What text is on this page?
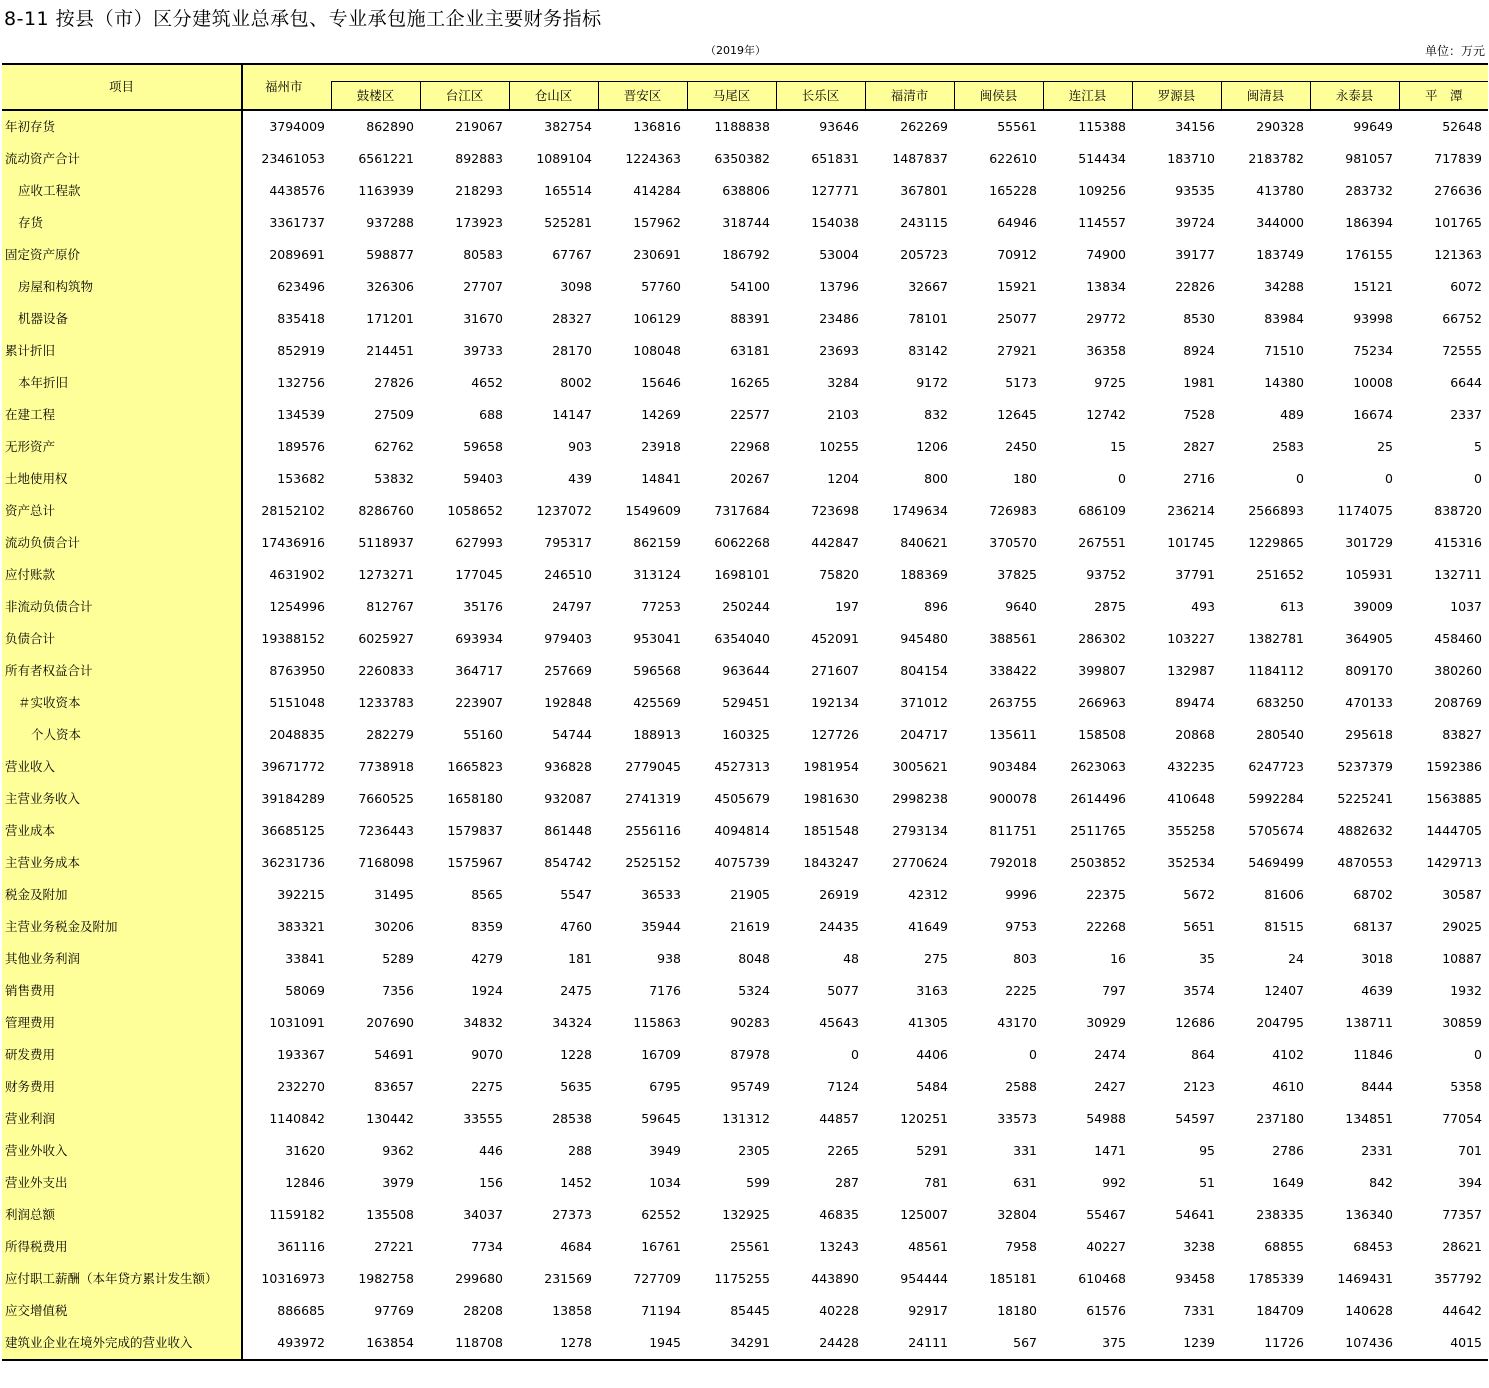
8-11 按县（市）区分建筑业总承包、专业承包施工企业主要财务指标
（2019年）	单位：万元
项目	福州市													
		鼓楼区	台江区	仓山区	晋安区	马尾区	长乐区	福清市	闽侯县	连江县	罗源县	闽清县	永泰县	平　潭
年初存货	3794009	862890	219067	382754	136816	1188838	93646	262269	55561	115388	34156	290328	99649	52648
流动资产合计	23461053	6561221	892883	1089104	1224363	6350382	651831	1487837	622610	514434	183710	2183782	981057	717839
应收工程款	4438576	1163939	218293	165514	414284	638806	127771	367801	165228	109256	93535	413780	283732	276636
存货	3361737	937288	173923	525281	157962	318744	154038	243115	64946	114557	39724	344000	186394	101765
固定资产原价	2089691	598877	80583	67767	230691	186792	53004	205723	70912	74900	39177	183749	176155	121363
房屋和构筑物	623496	326306	27707	3098	57760	54100	13796	32667	15921	13834	22826	34288	15121	6072
机器设备	835418	171201	31670	28327	106129	88391	23486	78101	25077	29772	8530	83984	93998	66752
累计折旧	852919	214451	39733	28170	108048	63181	23693	83142	27921	36358	8924	71510	75234	72555
本年折旧	132756	27826	4652	8002	15646	16265	3284	9172	5173	9725	1981	14380	10008	6644
在建工程	134539	27509	688	14147	14269	22577	2103	832	12645	12742	7528	489	16674	2337
无形资产	189576	62762	59658	903	23918	22968	10255	1206	2450	15	2827	2583	25	5
土地使用权	153682	53832	59403	439	14841	20267	1204	800	180	0	2716	0	0	0
资产总计	28152102	8286760	1058652	1237072	1549609	7317684	723698	1749634	726983	686109	236214	2566893	1174075	838720
流动负债合计	17436916	5118937	627993	795317	862159	6062268	442847	840621	370570	267551	101745	1229865	301729	415316
应付账款	4631902	1273271	177045	246510	313124	1698101	75820	188369	37825	93752	37791	251652	105931	132711
非流动负债合计	1254996	812767	35176	24797	77253	250244	197	896	9640	2875	493	613	39009	1037
负债合计	19388152	6025927	693934	979403	953041	6354040	452091	945480	388561	286302	103227	1382781	364905	458460
所有者权益合计	8763950	2260833	364717	257669	596568	963644	271607	804154	338422	399807	132987	1184112	809170	380260
＃实收资本	5151048	1233783	223907	192848	425569	529451	192134	371012	263755	266963	89474	683250	470133	208769
个人资本	2048835	282279	55160	54744	188913	160325	127726	204717	135611	158508	20868	280540	295618	83827
营业收入	39671772	7738918	1665823	936828	2779045	4527313	1981954	3005621	903484	2623063	432235	6247723	5237379	1592386
主营业务收入	39184289	7660525	1658180	932087	2741319	4505679	1981630	2998238	900078	2614496	410648	5992284	5225241	1563885
营业成本	36685125	7236443	1579837	861448	2556116	4094814	1851548	2793134	811751	2511765	355258	5705674	4882632	1444705
主营业务成本	36231736	7168098	1575967	854742	2525152	4075739	1843247	2770624	792018	2503852	352534	5469499	4870553	1429713
税金及附加	392215	31495	8565	5547	36533	21905	26919	42312	9996	22375	5672	81606	68702	30587
主营业务税金及附加	383321	30206	8359	4760	35944	21619	24435	41649	9753	22268	5651	81515	68137	29025
其他业务利润	33841	5289	4279	181	938	8048	48	275	803	16	35	24	3018	10887
销售费用	58069	7356	1924	2475	7176	5324	5077	3163	2225	797	3574	12407	4639	1932
管理费用	1031091	207690	34832	34324	115863	90283	45643	41305	43170	30929	12686	204795	138711	30859
研发费用	193367	54691	9070	1228	16709	87978	0	4406	0	2474	864	4102	11846	0
财务费用	232270	83657	2275	5635	6795	95749	7124	5484	2588	2427	2123	4610	8444	5358
营业利润	1140842	130442	33555	28538	59645	131312	44857	120251	33573	54988	54597	237180	134851	77054
营业外收入	31620	9362	446	288	3949	2305	2265	5291	331	1471	95	2786	2331	701
营业外支出	12846	3979	156	1452	1034	599	287	781	631	992	51	1649	842	394
利润总额	1159182	135508	34037	27373	62552	132925	46835	125007	32804	55467	54641	238335	136340	77357
所得税费用	361116	27221	7734	4684	16761	25561	13243	48561	7958	40227	3238	68855	68453	28621
应付职工薪酬（本年贷方累计发生额）	10316973	1982758	299680	231569	727709	1175255	443890	954444	185181	610468	93458	1785339	1469431	357792
应交增值税	886685	97769	28208	13858	71194	85445	40228	92917	18180	61576	7331	184709	140628	44642
建筑业企业在境外完成的营业收入	493972	163854	118708	1278	1945	34291	24428	24111	567	375	1239	11726	107436	4015
